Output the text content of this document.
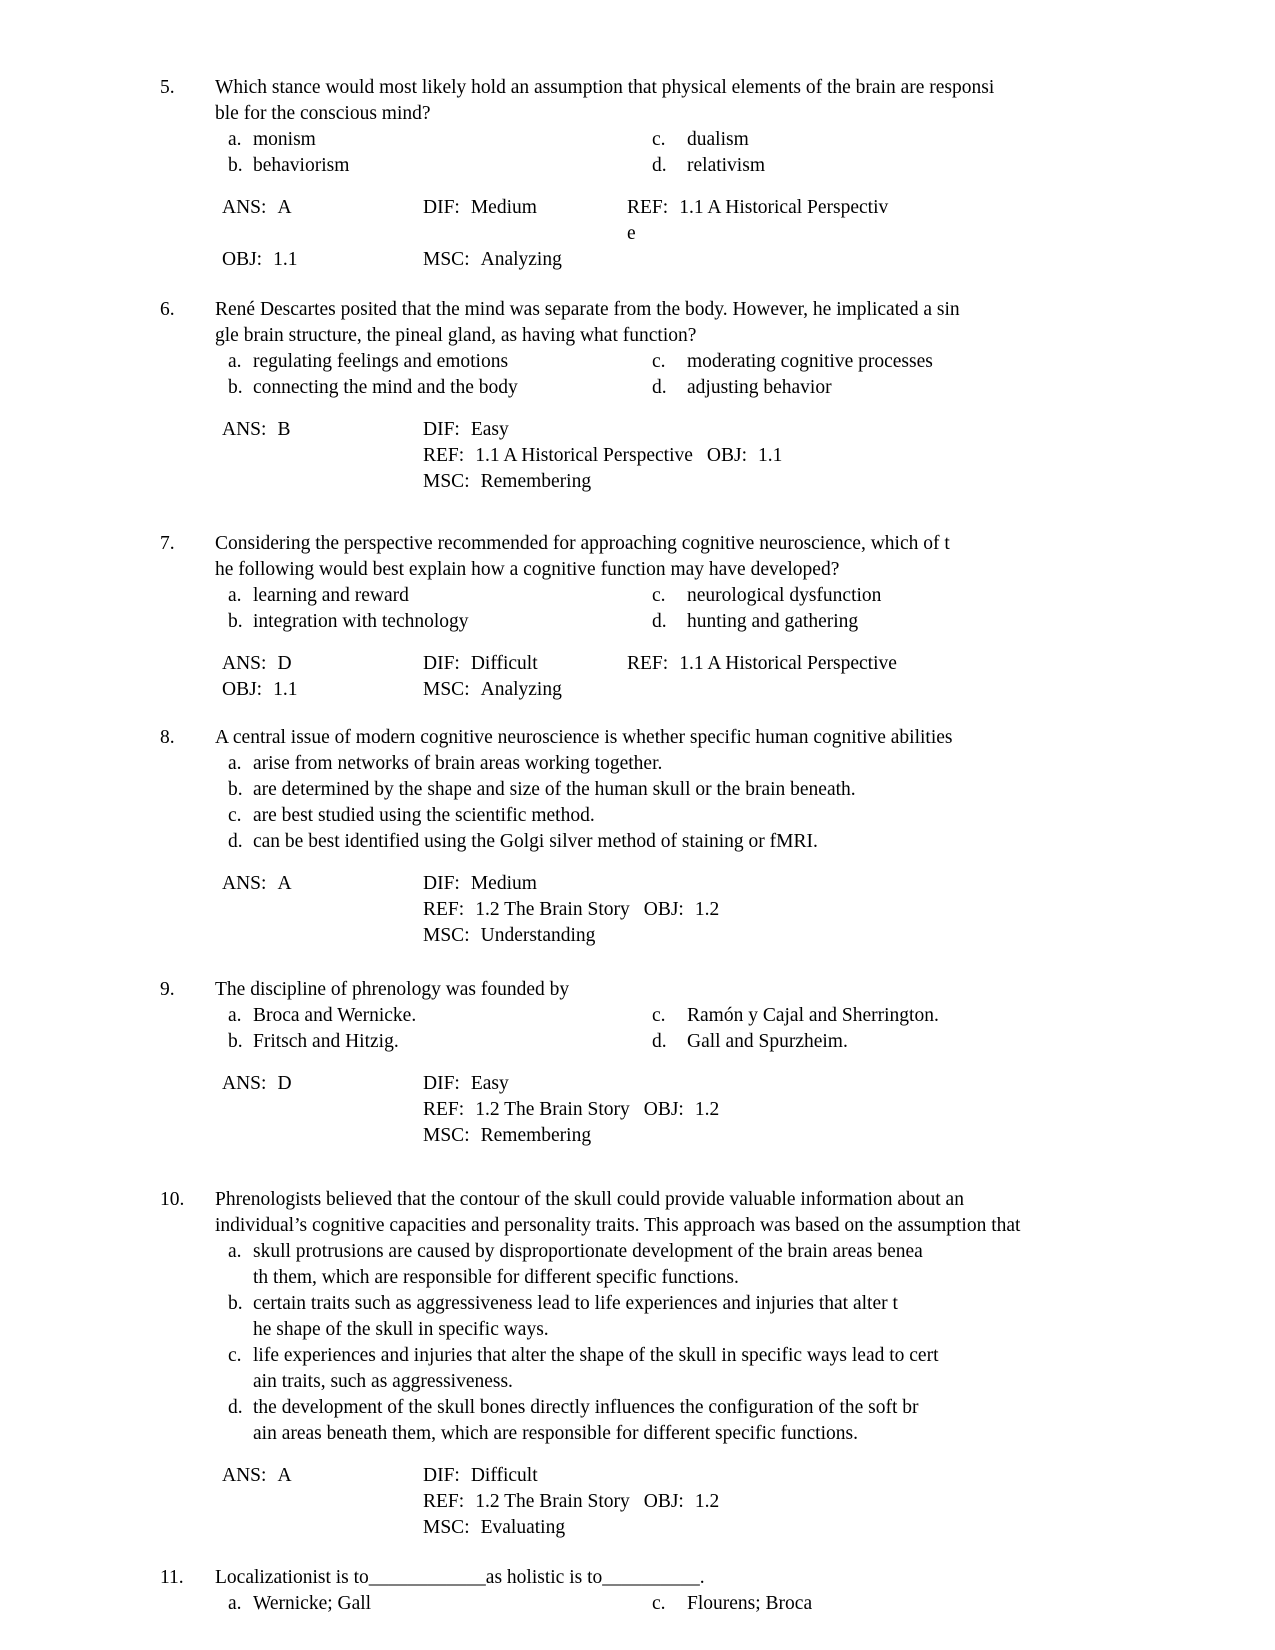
5. Which stance would most likely hold an assumption that physical elements of the brain are responsi
ble for the conscious mind?
a. monism	c. dualism
b. behaviorism	d. relativism
ANS: A	DIF: Medium	REF: 1.1 A Historical Perspectiv
e
OBJ: 1.1	MSC: Analyzing
6. René Descartes posited that the mind was separate from the body. However, he implicated a sin
gle brain structure, the pineal gland, as having what function?
a. regulating feelings and emotions	c. moderating cognitive processes
b. connecting the mind and the body	d. adjusting behavior
ANS: B	DIF: Easy
REF: 1.1 A Historical Perspective OBJ: 1.1
MSC: Remembering
7. Considering the perspective recommended for approaching cognitive neuroscience, which of t
he following would best explain how a cognitive function may have developed?
a. learning and reward	c. neurological dysfunction
b. integration with technology	d. hunting and gathering
ANS: D	DIF: Difficult	REF: 1.1 A Historical Perspective
OBJ: 1.1	MSC: Analyzing
8. A central issue of modern cognitive neuroscience is whether specific human cognitive abilities
a. arise from networks of brain areas working together.
b. are determined by the shape and size of the human skull or the brain beneath.
c. are best studied using the scientific method.
d. can be best identified using the Golgi silver method of staining or fMRI.
ANS: A	DIF: Medium
REF: 1.2 The Brain Story OBJ: 1.2
MSC: Understanding
9. The discipline of phrenology was founded by
a. Broca and Wernicke.	c. Ramón y Cajal and Sherrington.
b. Fritsch and Hitzig.	d. Gall and Spurzheim.
ANS: D	DIF: Easy
REF: 1.2 The Brain Story OBJ: 1.2
MSC: Remembering
10. Phrenologists believed that the contour of the skull could provide valuable information about an
individual’s cognitive capacities and personality traits. This approach was based on the assumption that
a. skull protrusions are caused by disproportionate development of the brain areas benea
th them, which are responsible for different specific functions.
b. certain traits such as aggressiveness lead to life experiences and injuries that alter t
he shape of the skull in specific ways.
c. life experiences and injuries that alter the shape of the skull in specific ways lead to cert
ain traits, such as aggressiveness.
d. the development of the skull bones directly influences the configuration of the soft br
ain areas beneath them, which are responsible for different specific functions.
ANS: A	DIF: Difficult
REF: 1.2 The Brain Story OBJ: 1.2
MSC: Evaluating
11. Localizationist is to____________as holistic is to__________.
a. Wernicke; Gall	c. Flourens; Broca
